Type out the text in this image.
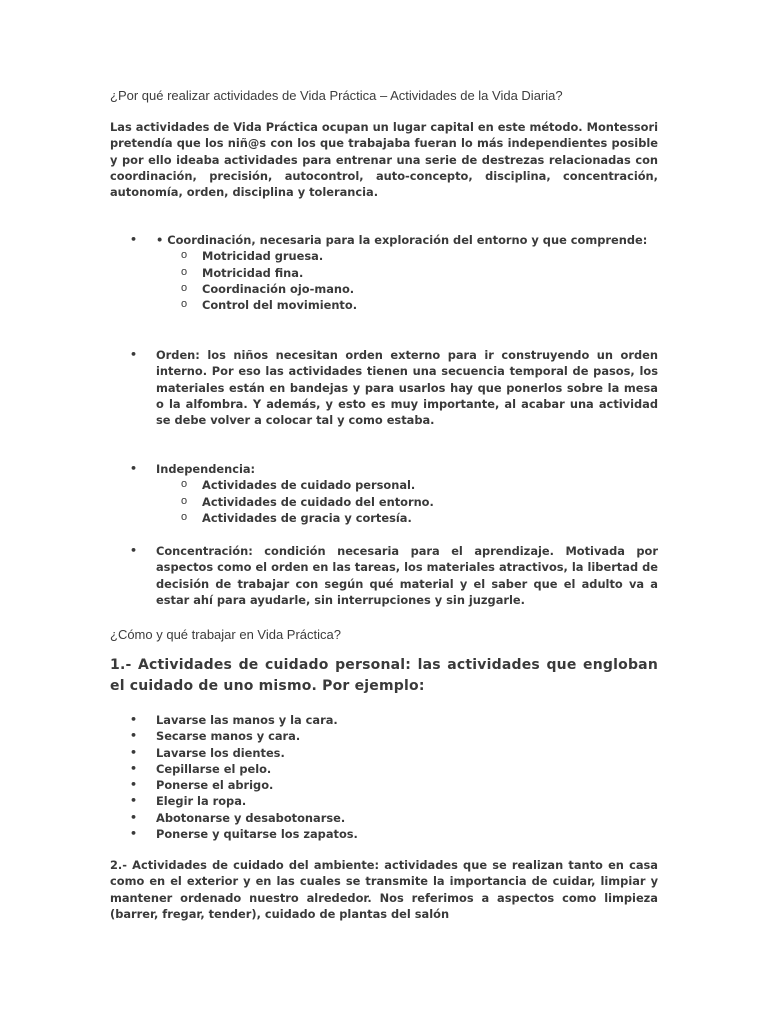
¿Por qué realizar actividades de Vida Práctica – Actividades de la Vida Diaria?

Las actividades de Vida Práctica ocupan un lugar capital en este método. Montessori pretendía que los niñ@s con los que trabajaba fueran lo más independientes posible y por ello ideaba actividades para entrenar una serie de destrezas relacionadas con coordinación, precisión, autocontrol, auto-concepto, disciplina, concentración, autonomía, orden, disciplina y tolerancia.

• • Coordinación, necesaria para la exploración del entorno y que comprende:
o Motricidad gruesa.
o Motricidad fina.
o Coordinación ojo-mano.
o Control del movimiento.
• Orden: los niños necesitan orden externo para ir construyendo un orden interno. Por eso las actividades tienen una secuencia temporal de pasos, los materiales están en bandejas y para usarlos hay que ponerlos sobre la mesa o la alfombra. Y además, y esto es muy importante, al acabar una actividad se debe volver a colocar tal y como estaba.
• Independencia:
o Actividades de cuidado personal.
o Actividades de cuidado del entorno.
o Actividades de gracia y cortesía.
• Concentración: condición necesaria para el aprendizaje. Motivada por aspectos como el orden en las tareas, los materiales atractivos, la libertad de decisión de trabajar con según qué material y el saber que el adulto va a estar ahí para ayudarle, sin interrupciones y sin juzgarle.

¿Cómo y qué trabajar en Vida Práctica?

1.- Actividades de cuidado personal: las actividades que engloban el cuidado de uno mismo. Por ejemplo:

• Lavarse las manos y la cara.
• Secarse manos y cara.
• Lavarse los dientes.
• Cepillarse el pelo.
• Ponerse el abrigo.
• Elegir la ropa.
• Abotonarse y desabotonarse.
• Ponerse y quitarse los zapatos.

2.- Actividades de cuidado del ambiente: actividades que se realizan tanto en casa como en el exterior y en las cuales se transmite la importancia de cuidar, limpiar y mantener ordenado nuestro alrededor. Nos referimos a aspectos como limpieza (barrer, fregar, tender), cuidado de plantas del salón
